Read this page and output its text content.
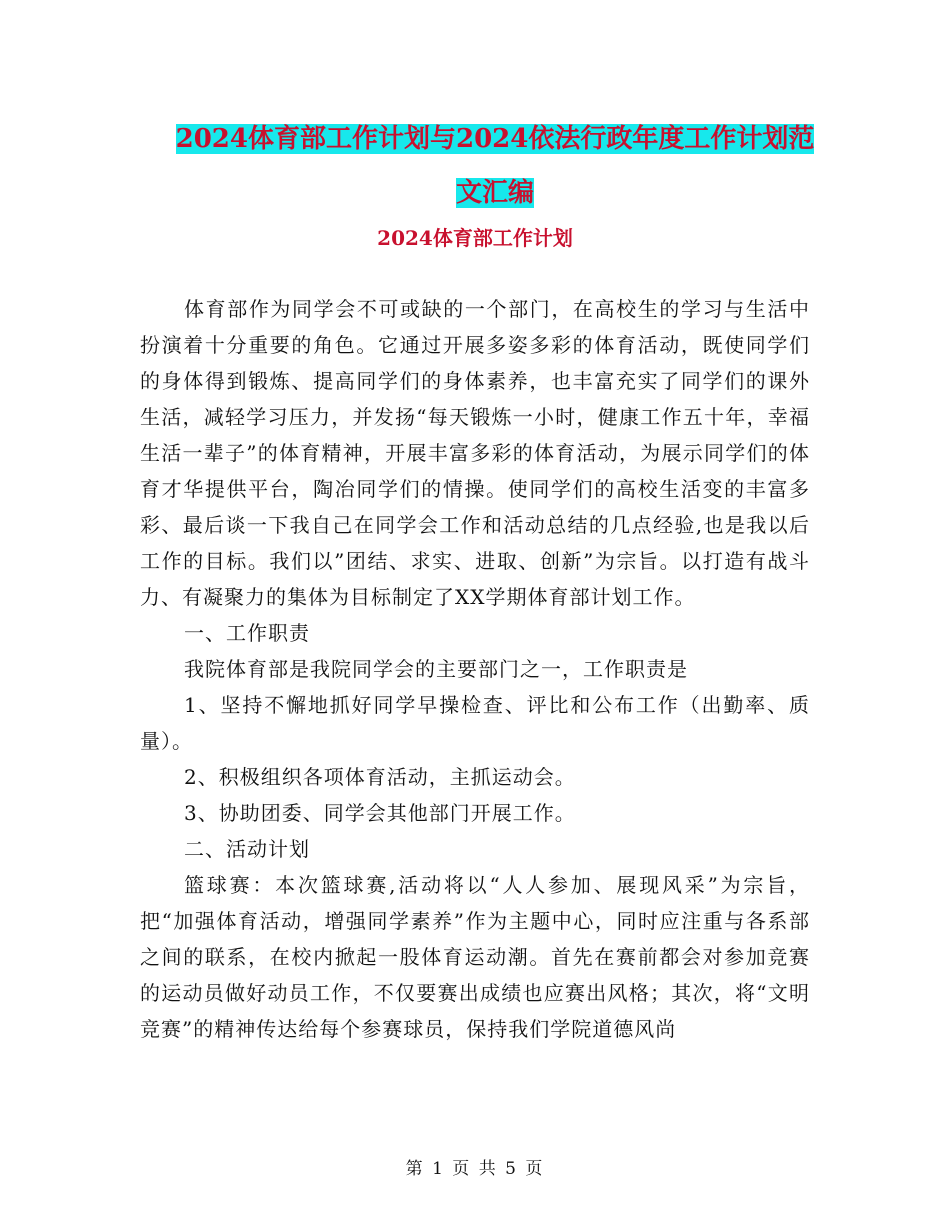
2024体育部工作计划与2024依法行政年度工作计划范
文汇编
2024体育部工作计划

体育部作为同学会不可或缺的一个部门，在高校生的学习与生活中扮演着十分重要的角色。它通过开展多姿多彩的体育活动，既使同学们的身体得到锻炼、提高同学们的身体素养，也丰富充实了同学们的课外生活，减轻学习压力，并发扬“每天锻炼一小时，健康工作五十年，幸福生活一辈子”的体育精神，开展丰富多彩的体育活动，为展示同学们的体育才华提供平台，陶冶同学们的情操。使同学们的高校生活变的丰富多彩、最后谈一下我自己在同学会工作和活动总结的几点经验,也是我以后工作的目标。我们以”团结、求实、进取、创新”为宗旨。以打造有战斗力、有凝聚力的集体为目标制定了XX学期体育部计划工作。

一、工作职责

我院体育部是我院同学会的主要部门之一，工作职责是

1、坚持不懈地抓好同学早操检查、评比和公布工作（出勤率、质量）。

2、积极组织各项体育活动，主抓运动会。

3、协助团委、同学会其他部门开展工作。

二、活动计划

篮球赛：本次篮球赛,活动将以“人人参加、展现风采”为宗旨，把“加强体育活动，增强同学素养”作为主题中心，同时应注重与各系部之间的联系，在校内掀起一股体育运动潮。首先在赛前都会对参加竞赛的运动员做好动员工作，不仅要赛出成绩也应赛出风格；其次，将“文明竞赛”的精神传达给每个参赛球员，保持我们学院道德风尚

第 1 页 共 5 页
